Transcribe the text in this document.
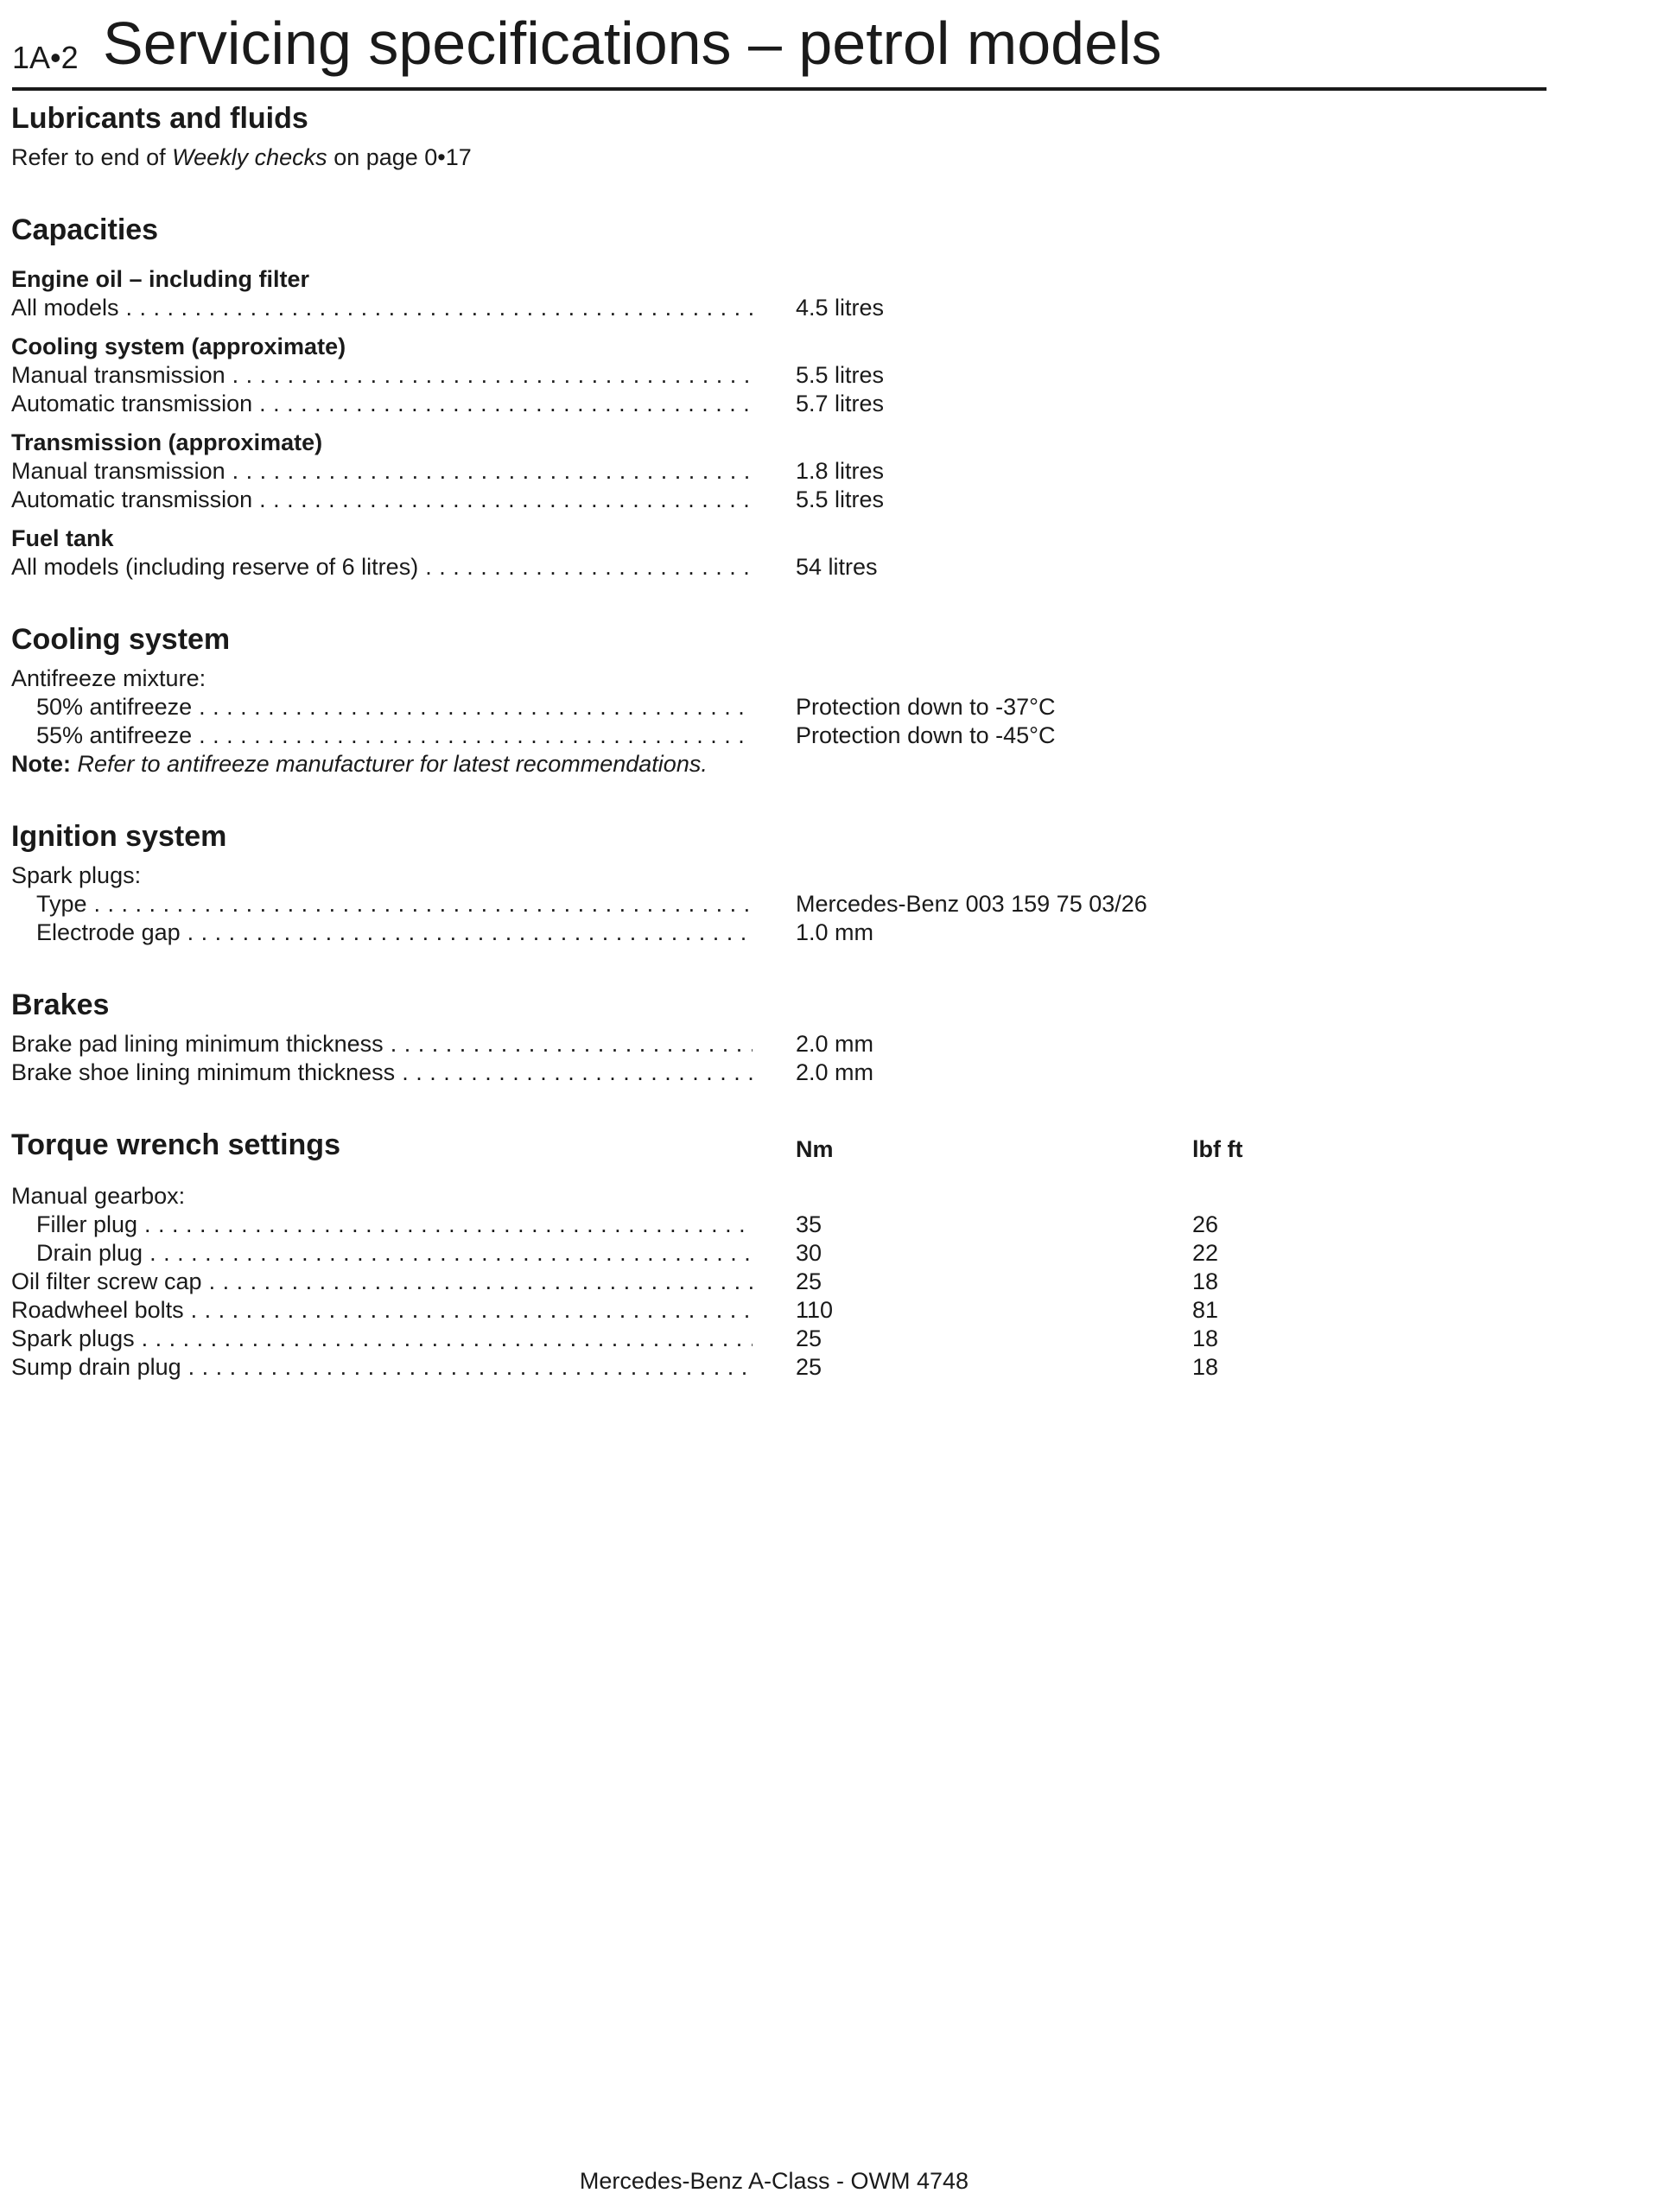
1A•2 Servicing specifications – petrol models
Lubricants and fluids
Refer to end of Weekly checks on page 0•17
Capacities
Engine oil – including filter
All models . . .	4.5 litres
Cooling system (approximate)
Manual transmission . . .	5.5 litres
Automatic transmission . . .	5.7 litres
Transmission (approximate)
Manual transmission . . .	1.8 litres
Automatic transmission . . .	5.5 litres
Fuel tank
All models (including reserve of 6 litres) . . .	54 litres
Cooling system
Antifreeze mixture:
50% antifreeze . . .	Protection down to -37°C
55% antifreeze . . .	Protection down to -45°C
Note: Refer to antifreeze manufacturer for latest recommendations.
Ignition system
Spark plugs:
Type . . .	Mercedes-Benz 003 159 75 03/26
Electrode gap . . .	1.0 mm
Brakes
Brake pad lining minimum thickness . . .	2.0 mm
Brake shoe lining minimum thickness . . .	2.0 mm
Torque wrench settings	Nm	lbf ft
Manual gearbox:
Filler plug . . .	35	26
Drain plug . . .	30	22
Oil filter screw cap . . .	25	18
Roadwheel bolts . . .	110	81
Spark plugs . . .	25	18
Sump drain plug . . .	25	18
Mercedes-Benz A-Class - OWM 4748
